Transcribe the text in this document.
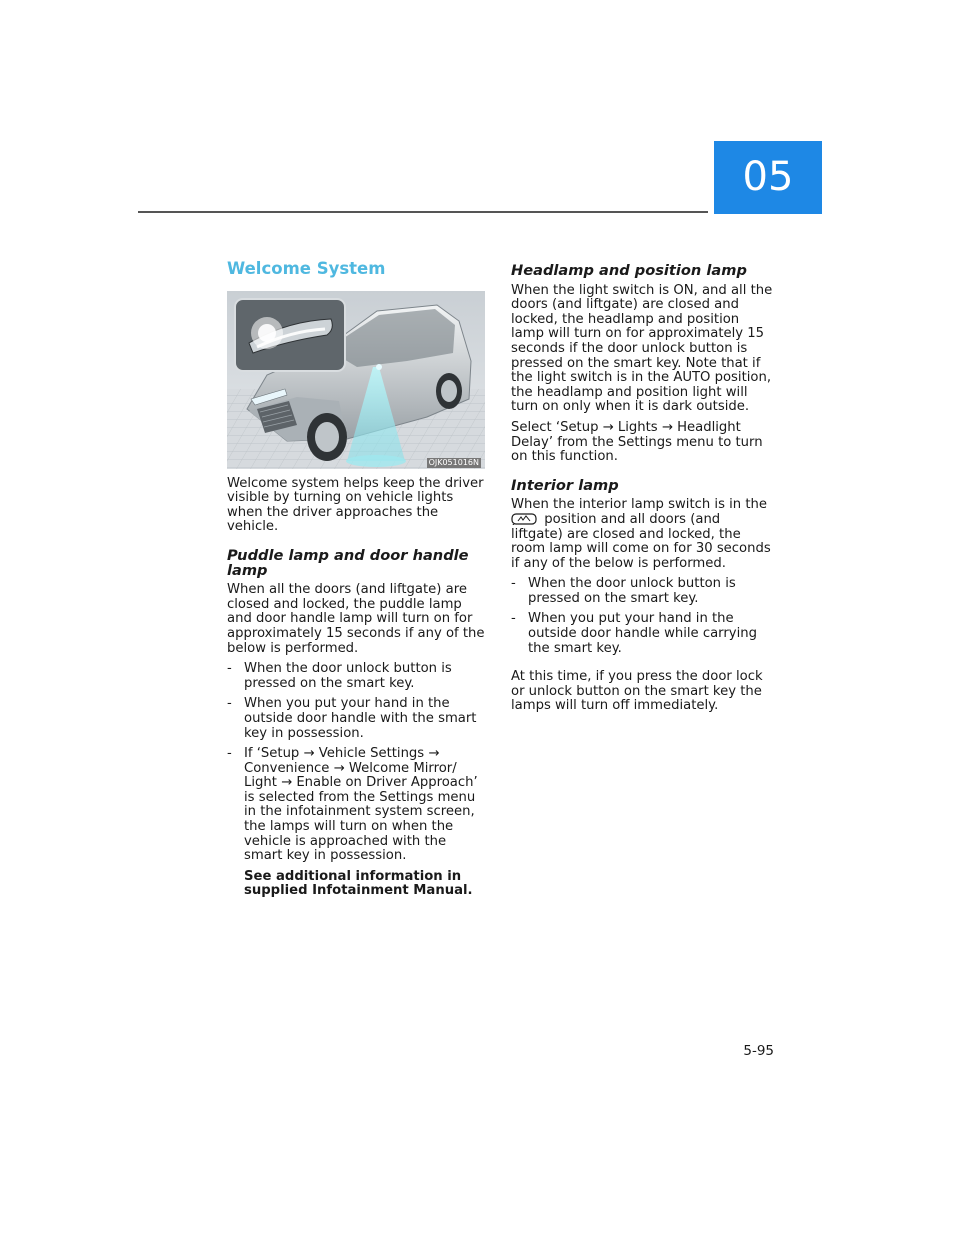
05
Welcome System
OJK051016N

Welcome system helps keep the driver visible by turning on vehicle lights when the driver approaches the vehicle.

Puddle lamp and door handle lamp

When all the doors (and liftgate) are closed and locked, the puddle lamp and door handle lamp will turn on for approximately 15 seconds if any of the below is performed.

- When the door unlock button is pressed on the smart key.
- When you put your hand in the outside door handle with the smart key in possession.
- If ‘Setup → Vehicle Settings → Convenience → Welcome Mirror/ Light → Enable on Driver Approach’ is selected from the Settings menu in the infotainment system screen, the lamps will turn on when the vehicle is approached with the smart key in possession.
See additional information in supplied Infotainment Manual.
Headlamp and position lamp

When the light switch is ON, and all the doors (and liftgate) are closed and locked, the headlamp and position lamp will turn on for approximately 15 seconds if the door unlock button is pressed on the smart key. Note that if the light switch is in the AUTO position, the headlamp and position light will turn on only when it is dark outside.

Select ‘Setup → Lights → Headlight Delay’ from the Settings menu to turn on this function.

Interior lamp

When the interior lamp switch is in the  position and all doors (and liftgate) are closed and locked, the room lamp will come on for 30 seconds if any of the below is performed.

- When the door unlock button is pressed on the smart key.
- When you put your hand in the outside door handle while carrying the smart key.

At this time, if you press the door lock or unlock button on the smart key the lamps will turn off immediately.

5-95
